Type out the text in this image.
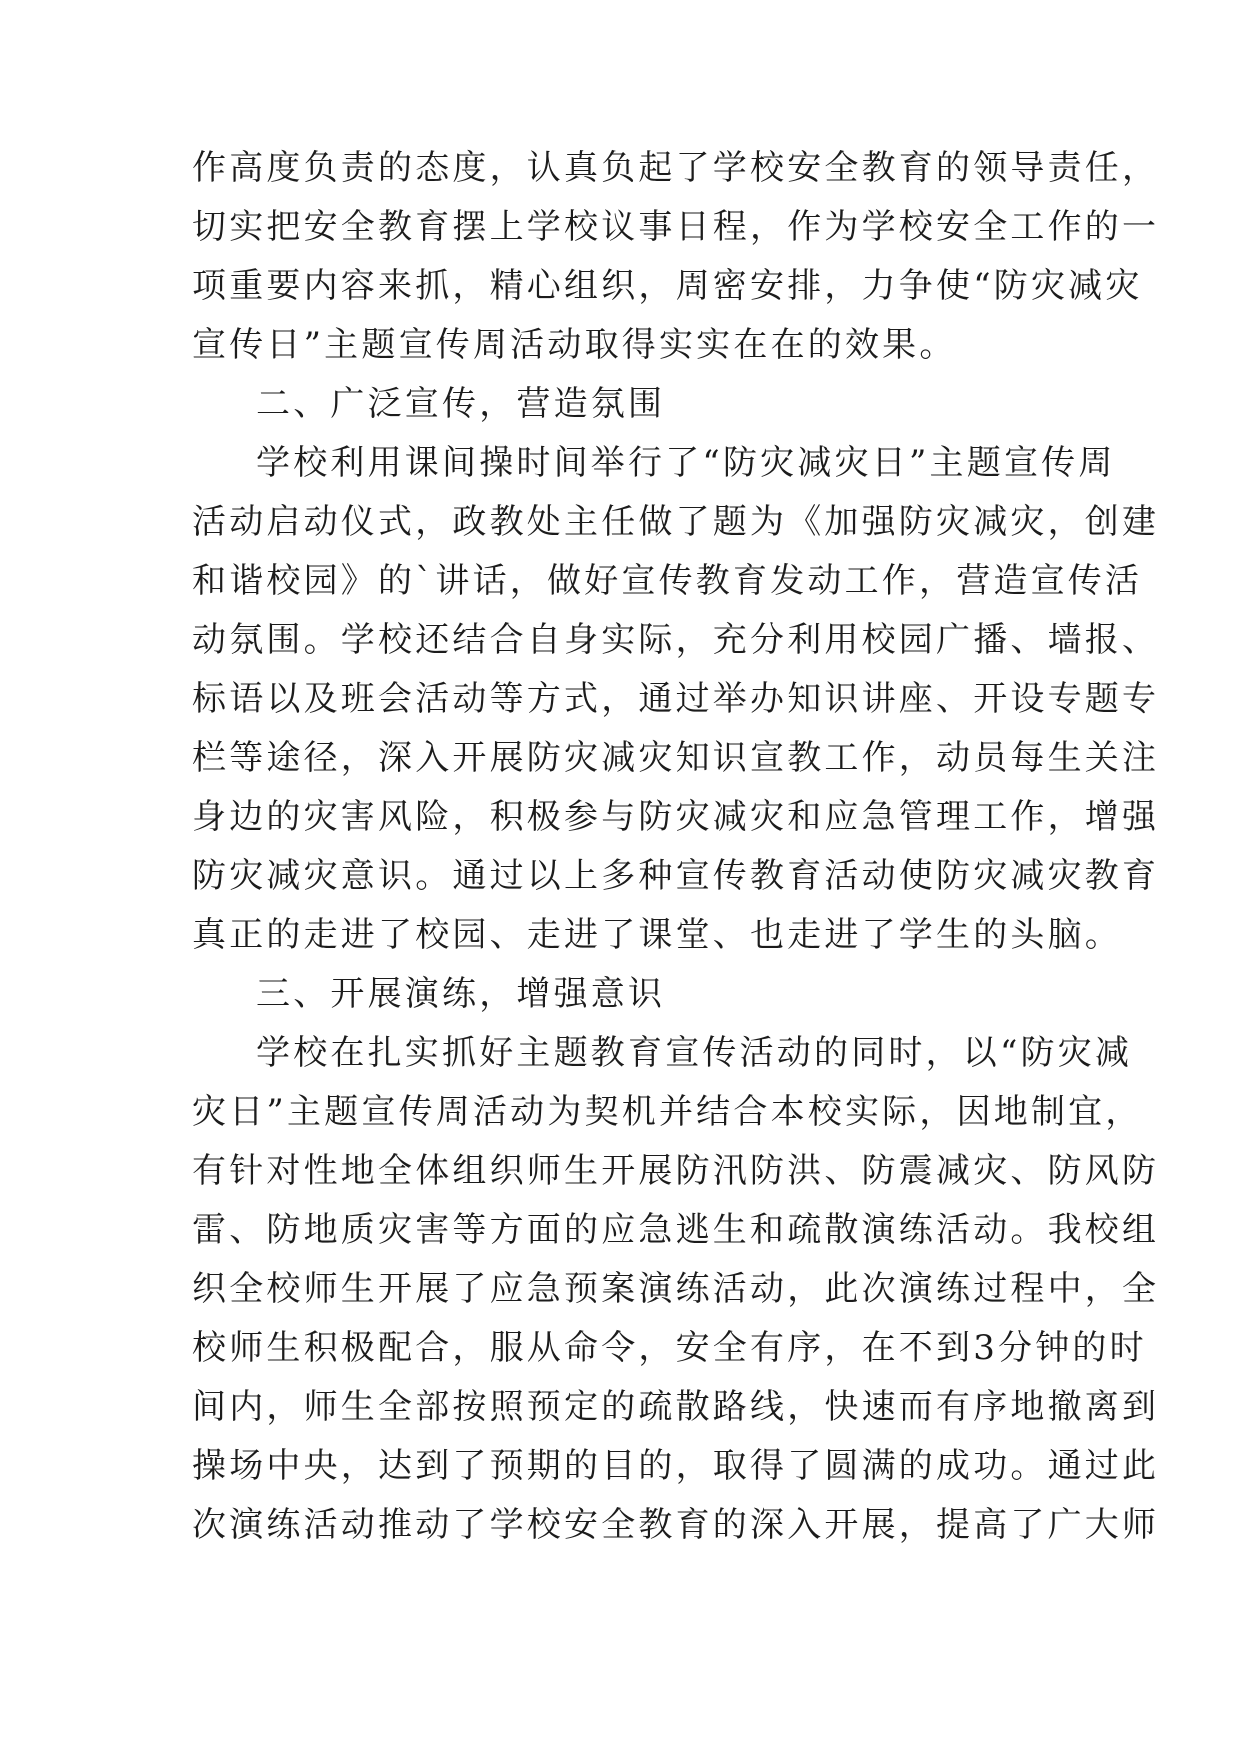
作高度负责的态度，认真负起了学校安全教育的领导责任，
切实把安全教育摆上学校议事日程，作为学校安全工作的一
项重要内容来抓，精心组织，周密安排，力争使“防灾减灾
宣传日”主题宣传周活动取得实实在在的效果。
二、广泛宣传，营造氛围
学校利用课间操时间举行了“防灾减灾日”主题宣传周
活动启动仪式，政教处主任做了题为《加强防灾减灾，创建
和谐校园》的`讲话，做好宣传教育发动工作，营造宣传活
动氛围。学校还结合自身实际，充分利用校园广播、墙报、
标语以及班会活动等方式，通过举办知识讲座、开设专题专
栏等途径，深入开展防灾减灾知识宣教工作，动员每生关注
身边的灾害风险，积极参与防灾减灾和应急管理工作，增强
防灾减灾意识。通过以上多种宣传教育活动使防灾减灾教育
真正的走进了校园、走进了课堂、也走进了学生的头脑。
三、开展演练，增强意识
学校在扎实抓好主题教育宣传活动的同时，以“防灾减
灾日”主题宣传周活动为契机并结合本校实际，因地制宜，
有针对性地全体组织师生开展防汛防洪、防震减灾、防风防
雷、防地质灾害等方面的应急逃生和疏散演练活动。我校组
织全校师生开展了应急预案演练活动，此次演练过程中，全
校师生积极配合，服从命令，安全有序，在不到3分钟的时
间内，师生全部按照预定的疏散路线，快速而有序地撤离到
操场中央，达到了预期的目的，取得了圆满的成功。通过此
次演练活动推动了学校安全教育的深入开展，提高了广大师
